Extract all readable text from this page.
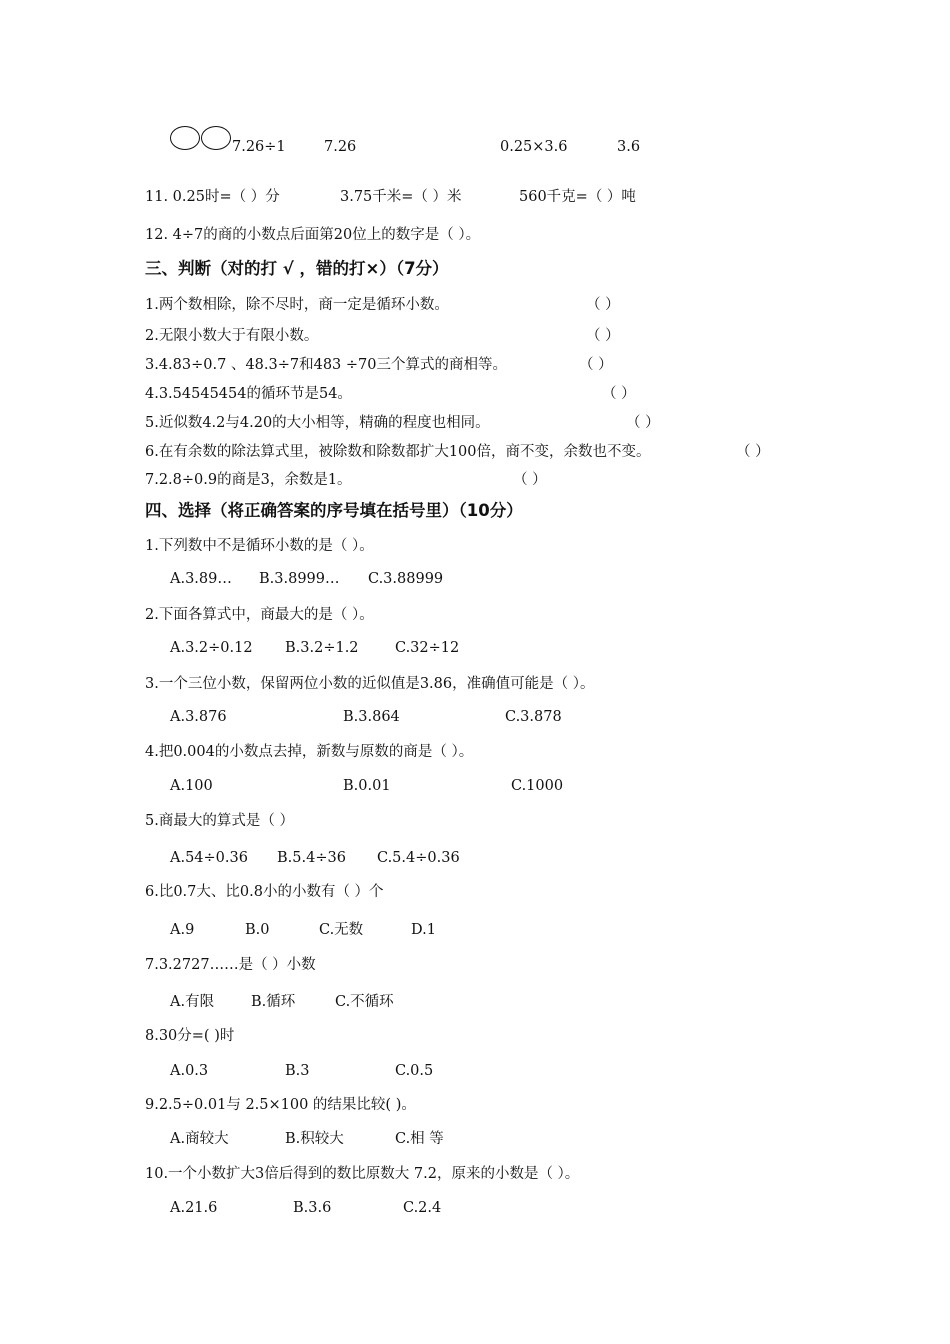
7.26÷1	7.26	0.25×3.6	3.6
11. 0.25时=（ ）分	3.75千米=（ ）米	560千克=（ ）吨
12. 4÷7的商的小数点后面第20位上的数字是（ ）。
三、判断（对的打 √ ，错的打×）（7分）
1.两个数相除，除不尽时，商一定是循环小数。	（ ）
2.无限小数大于有限小数。	（ ）
3.4.83÷0.7 、48.3÷7和483 ÷70三个算式的商相等。	（ ）
4.3.54545454的循环节是54。	（ ）
5.近似数4.2与4.20的大小相等，精确的程度也相同。	（ ）
6.在有余数的除法算式里，被除数和除数都扩大100倍，商不变，余数也不变。	（ ）
7.2.8÷0.9的商是3，余数是1。	（ ）
四、选择（将正确答案的序号填在括号里）（10分）
1.下列数中不是循环小数的是（ ）。
A.3.89… B.3.8999… C.3.88999
2.下面各算式中，商最大的是（ ）。
A.3.2÷0.12 B.3.2÷1.2	C.32÷12
3.一个三位小数，保留两位小数的近似值是3.86，准确值可能是（ ）。
A.3.876	B.3.864	C.3.878
4.把0.004的小数点去掉，新数与原数的商是（ ）。
A.100	B.0.01	C.1000
5.商最大的算式是（ ）
A.54÷0.36 B.5.4÷36 C.5.4÷0.36
6.比0.7大、比0.8小的小数有（ ）个
A.9	B.0	C.无数	D.1
7.3.2727……是（ ）小数
A.有限	B.循环	C.不循环
8.30分=( )时
A.0.3	B.3	C.0.5
9.2.5÷0.01与 2.5×100 的结果比较( )。
A.商较大	B.积较大	C.相 等
10.一个小数扩大3倍后得到的数比原数大 7.2，原来的小数是（ ）。
A.21.6	B.3.6	C.2.4
